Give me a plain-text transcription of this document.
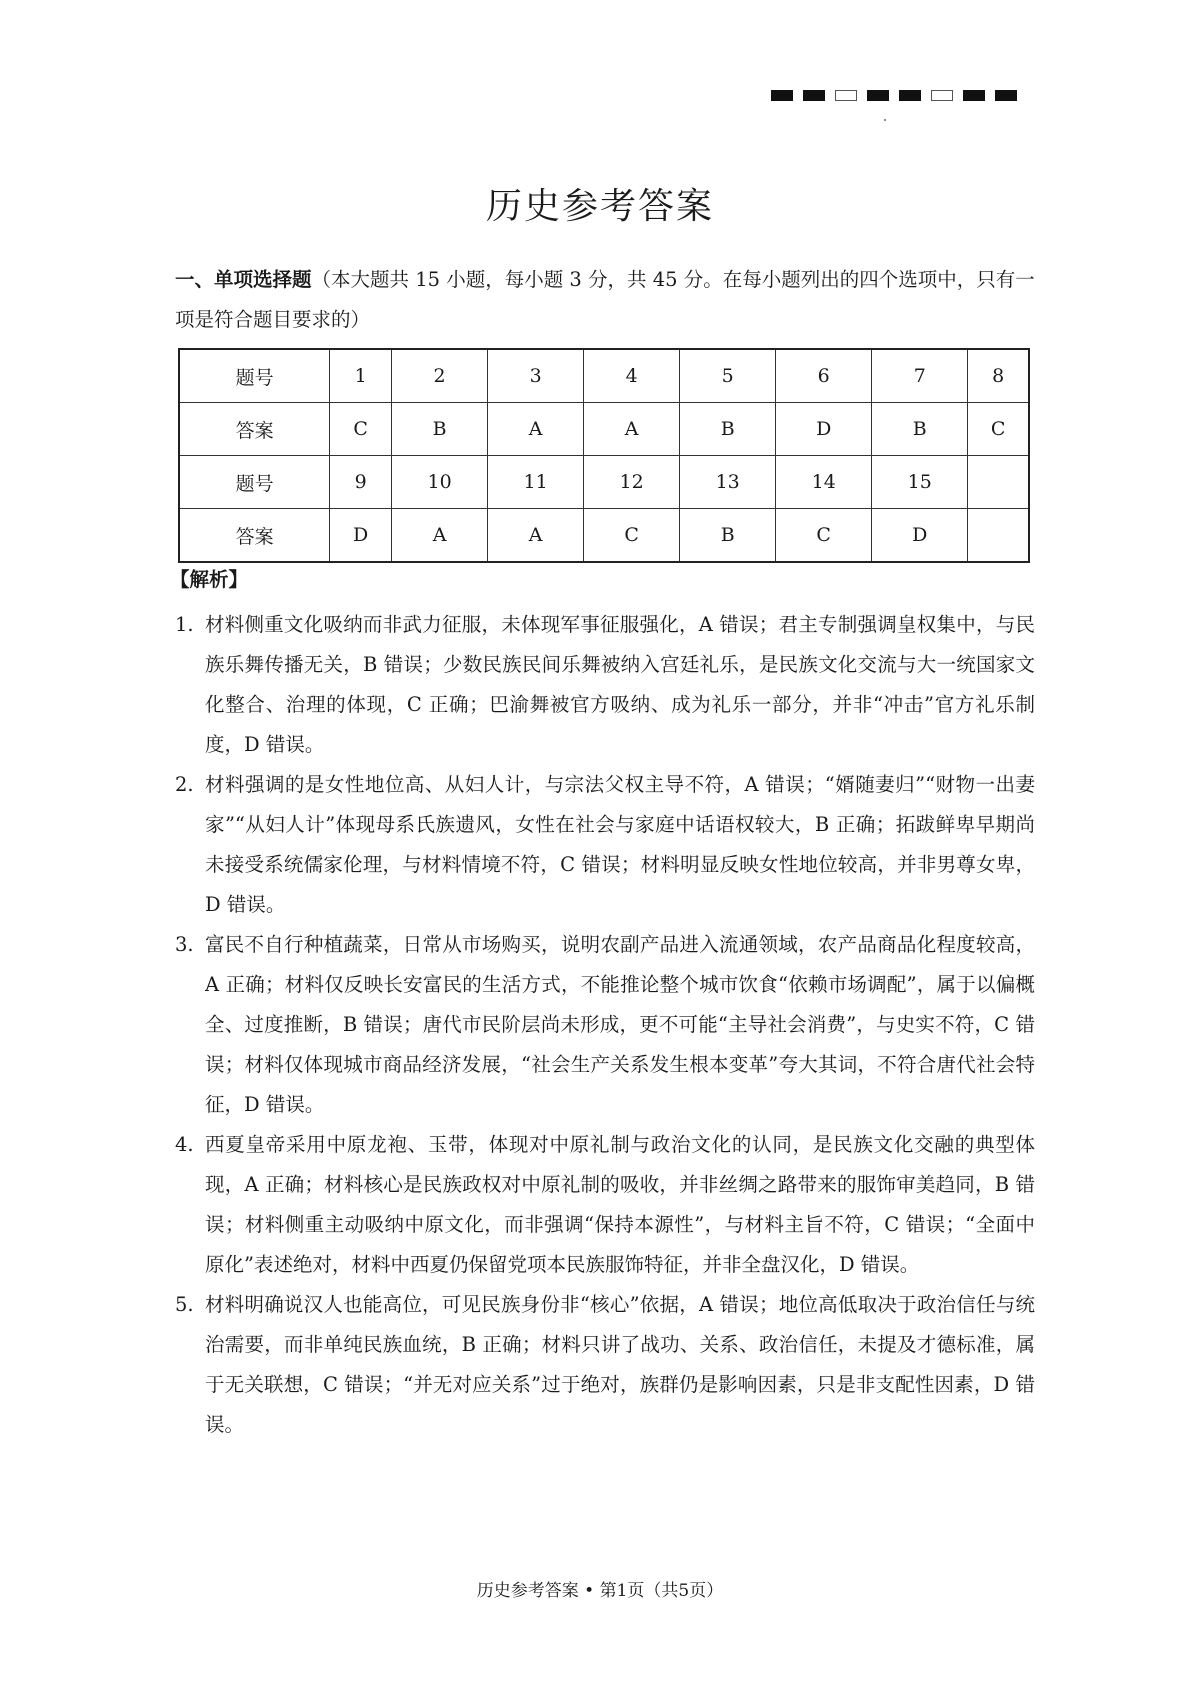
历史参考答案
一、单项选择题（本大题共 15 小题，每小题 3 分，共 45 分。在每小题列出的四个选项中，只有一项是符合题目要求的）
题号	1	2	3	4	5	6	7	8
答案	C	B	A	A	B	D	B	C
题号	9	10	11	12	13	14	15	
答案	D	A	A	C	B	C	D	
【解析】
1. 材料侧重文化吸纳而非武力征服，未体现军事征服强化，A 错误；君主专制强调皇权集中，与民族乐舞传播无关，B 错误；少数民族民间乐舞被纳入宫廷礼乐，是民族文化交流与大一统国家文化整合、治理的体现，C 正确；巴渝舞被官方吸纳、成为礼乐一部分，并非“冲击”官方礼乐制度，D 错误。
2. 材料强调的是女性地位高、从妇人计，与宗法父权主导不符，A 错误；“婿随妻归”“财物一出妻家”“从妇人计”体现母系氏族遗风，女性在社会与家庭中话语权较大，B 正确；拓跋鲜卑早期尚未接受系统儒家伦理，与材料情境不符，C 错误；材料明显反映女性地位较高，并非男尊女卑，D 错误。
3. 富民不自行种植蔬菜，日常从市场购买，说明农副产品进入流通领域，农产品商品化程度较高，A 正确；材料仅反映长安富民的生活方式，不能推论整个城市饮食“依赖市场调配”，属于以偏概全、过度推断，B 错误；唐代市民阶层尚未形成，更不可能“主导社会消费”，与史实不符，C 错误；材料仅体现城市商品经济发展，“社会生产关系发生根本变革”夸大其词，不符合唐代社会特征，D 错误。
4. 西夏皇帝采用中原龙袍、玉带，体现对中原礼制与政治文化的认同，是民族文化交融的典型体现，A 正确；材料核心是民族政权对中原礼制的吸收，并非丝绸之路带来的服饰审美趋同，B 错误；材料侧重主动吸纳中原文化，而非强调“保持本源性”，与材料主旨不符，C 错误；“全面中原化”表述绝对，材料中西夏仍保留党项本民族服饰特征，并非全盘汉化，D 错误。
5. 材料明确说汉人也能高位，可见民族身份非“核心”依据，A 错误；地位高低取决于政治信任与统治需要，而非单纯民族血统，B 正确；材料只讲了战功、关系、政治信任，未提及才德标准，属于无关联想，C 错误；“并无对应关系”过于绝对，族群仍是影响因素，只是非支配性因素，D 错误。
历史参考答案 • 第1页（共5页）
